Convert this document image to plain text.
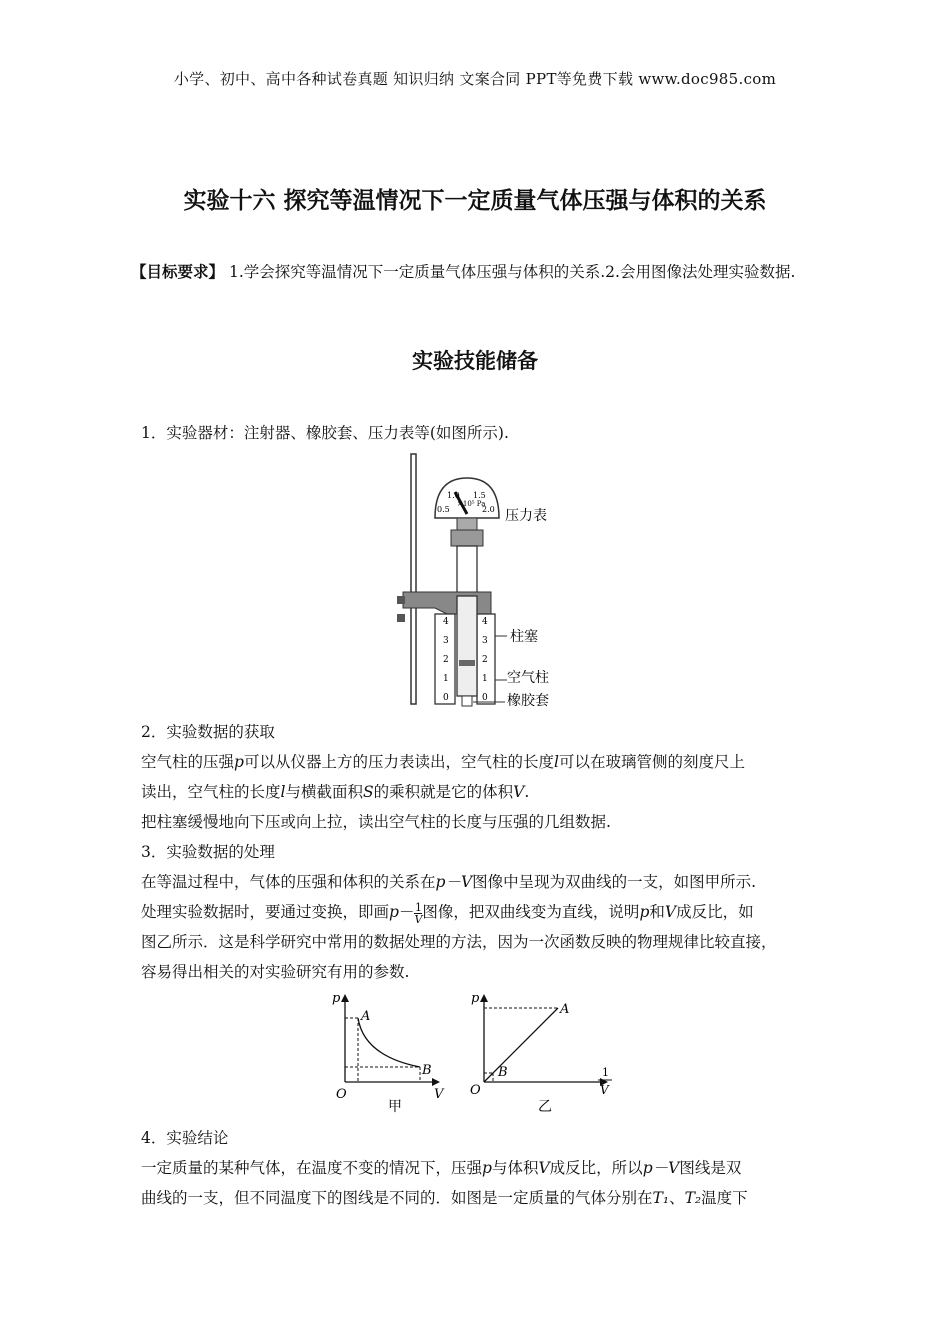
小学、初中、高中各种试卷真题 知识归纳 文案合同 PPT等免费下载 www.doc985.com
实验十六 探究等温情况下一定质量气体压强与体积的关系
【目标要求】 1.学会探究等温情况下一定质量气体压强与体积的关系.2.会用图像法处理实验数据.
实验技能储备

1．实验器材：注射器、橡胶套、压力表等(如图所示).

1.0 1.5
0.5	2.0
×10⁵ Pa
压力表
4
3
2
1
0
4
3
2
1
0
柱塞
空气柱
橡胶套

2．实验数据的获取

空气柱的压强p可以从仪器上方的压力表读出，空气柱的长度l可以在玻璃管侧的刻度尺上

读出，空气柱的长度l与横截面积S的乘积就是它的体积V.

把柱塞缓慢地向下压或向上拉，读出空气柱的长度与压强的几组数据.

3．实验数据的处理

在等温过程中，气体的压强和体积的关系在p－V图像中呈现为双曲线的一支，如图甲所示.

处理实验数据时，要通过变换，即画$p- \frac{1}{V}$ 图像，把双曲线变为直线，说明p和V成反比，如

图乙所示．这是科学研究中常用的数据处理的方法，因为一次函数反映的物理规律比较直接，

容易得出相关的对实验研究有用的参数.

p
A
B
O	V
甲
p
A
B
O
1
V
乙

4．实验结论

一定质量的某种气体，在温度不变的情况下，压强p与体积V成反比，所以p－V图线是双

曲线的一支，但不同温度下的图线是不同的．如图是一定质量的气体分别在T₁、T₂温度下
